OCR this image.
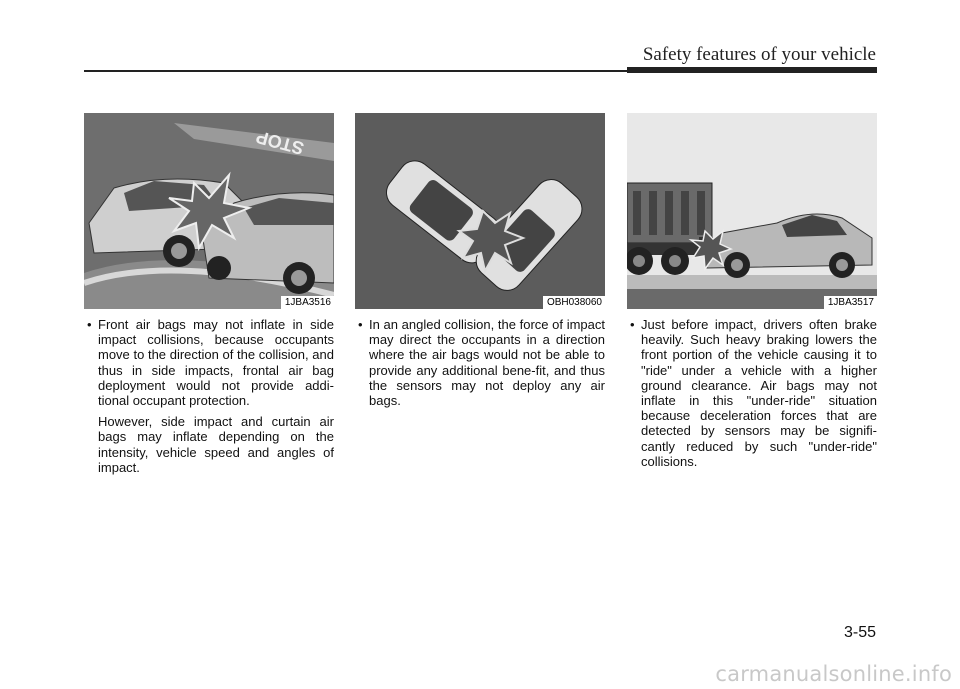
Safety features of your vehicle
STOP
1JBA3516
• Front air bags may not inflate in side impact collisions, because occupants move to the direction of the collision, and thus in side impacts, frontal air bag deployment would not provide addi-tional occupant protection.
However, side impact and curtain air bags may inflate depending on the intensity, vehicle speed and angles of impact.
OBH038060
• In an angled collision, the force of impact may direct the occupants in a direction where the air bags would not be able to provide any additional bene-fit, and thus the sensors may not deploy any air bags.
1JBA3517
• Just before impact, drivers often brake heavily. Such heavy braking lowers the front portion of the vehicle causing it to "ride" under a vehicle with a higher ground clearance. Air bags may not inflate in this "under-ride" situation because deceleration forces that are detected by sensors may be signifi-cantly reduced by such "under-ride" collisions.
3-55
carmanualsonline.info
